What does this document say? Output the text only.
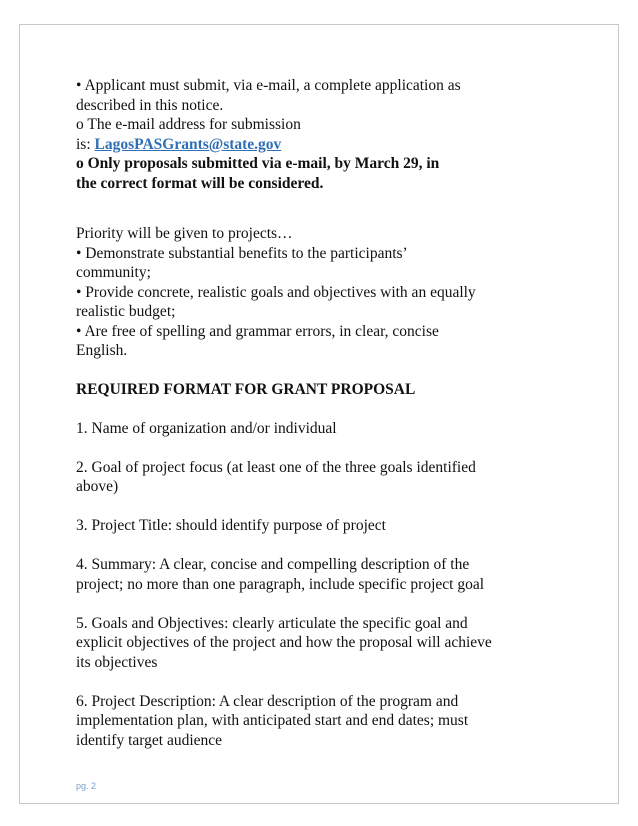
• Applicant must submit, via e-mail, a complete application as
described in this notice.
o The e-mail address for submission
is: LagosPASGrants@state.gov
o Only proposals submitted via e-mail, by March 29, in
the correct format will be considered.
Priority will be given to projects…
• Demonstrate substantial benefits to the participants’
community;
• Provide concrete, realistic goals and objectives with an equally
realistic budget;
• Are free of spelling and grammar errors, in clear, concise
English.
REQUIRED FORMAT FOR GRANT PROPOSAL
1. Name of organization and/or individual
2. Goal of project focus (at least one of the three goals identified
above)
3. Project Title: should identify purpose of project
4. Summary: A clear, concise and compelling description of the
project; no more than one paragraph, include specific project goal
5. Goals and Objectives: clearly articulate the specific goal and
explicit objectives of the project and how the proposal will achieve
its objectives
6. Project Description: A clear description of the program and
implementation plan, with anticipated start and end dates; must
identify target audience
pg. 2
